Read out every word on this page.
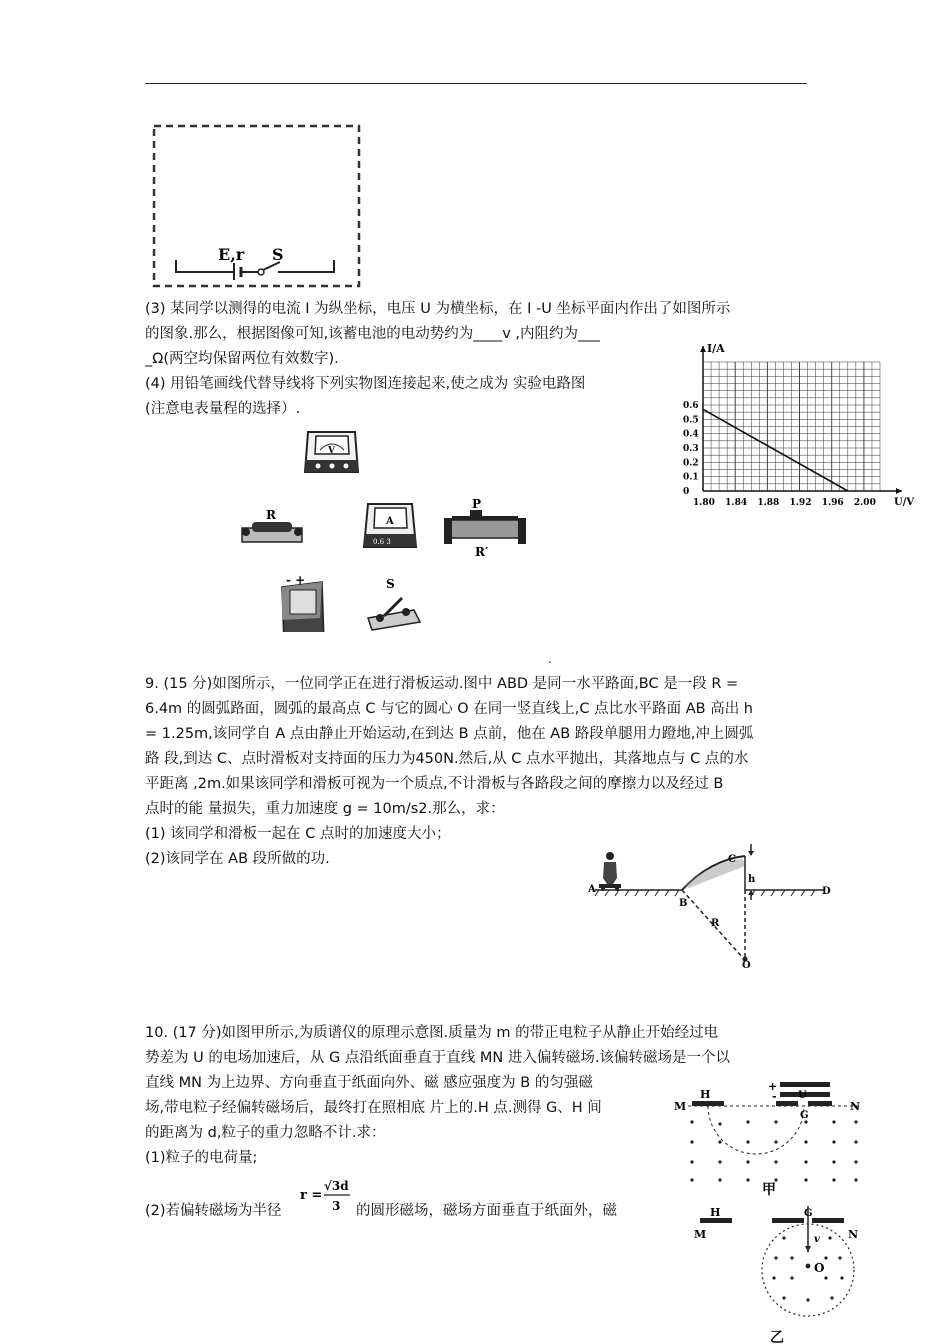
E,r S
(3) 某同学以测得的电流 I 为纵坐标，电压 U 为横坐标，在 I -U 坐标平面内作出了如图所示
的图象.那么，根据图像可知,该蓄电池的电动势约为____v ,内阻约为___
_Ω(两空均保留两位有效数字).
(4) 用铅笔画线代替导线将下列实物图连接起来,使之成为 实验电路图
(注意电表量程的选择）.
1.80 1.84 1.88 1.92 1.96 2.00
0
0.1
0.2
0.3
0.4
0.5
0.6
I/A
U/V
V
R	A
0.6 3
P
R′
- +	S
.
9. (15 分)如图所示，一位同学正在进行滑板运动.图中 ABD 是同一水平路面,BC 是一段 R =
6.4m 的圆弧路面，圆弧的最高点 C 与它的圆心 O 在同一竖直线上,C 点比水平路面 AB 高出 h
= 1.25m,该同学自 A 点由静止开始运动,在到达 B 点前，他在 AB 路段单腿用力蹬地,冲上圆弧
路 段,到达 C、点时滑板对支持面的压力为450N.然后,从 C 点水平抛出，其落地点与 C 点的水
平距离 ,2m.如果该同学和滑板可视为一个质点,不计滑板与各路段之间的摩擦力以及经过 B
点时的能 量损失，重力加速度 g = 10m/s2.那么，求：
(1) 该同学和滑板一起在 C 点时的加速度大小；
(2)该同学在 AB 段所做的功.
A
B
C
D
h
R
O
10. (17 分)如图甲所示,为质谱仪的原理示意图.质量为 m 的带正电粒子从静止开始经过电
势差为 U 的电场加速后，从 G 点沿纸面垂直于直线 MN 进入偏转磁场.该偏转磁场是一个以
直线 MN 为上边界、方向垂直于纸面向外、磁 感应强度为 B 的匀强磁
场,带电粒子经偏转磁场后，最终打在照相底 片上的.H 点.测得 G、H 间
的距离为 d,粒子的重力忽略不计.求：
(1)粒子的电荷量;
(2)若偏转磁场为半径
r =
√3d
3 的圆形磁场，磁场方面垂直于纸面外，磁
H
M	N
U
G
+
-
甲
H
M	N
G
v
O
乙
